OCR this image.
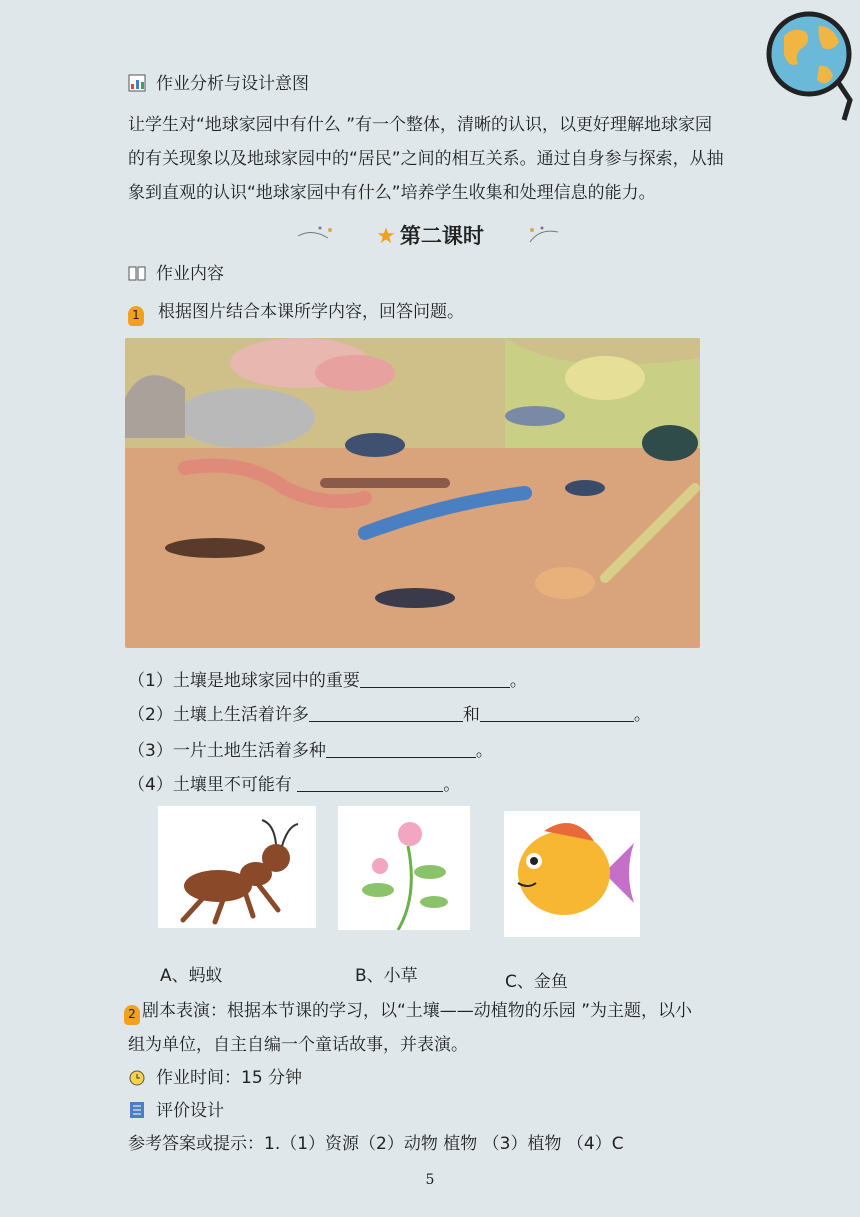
作业分析与设计意图
让学生对“地球家园中有什么 ”有一个整体，清晰的认识，以更好理解地球家园
的有关现象以及地球家园中的“居民”之间的相互关系。通过自身参与探索，从抽
象到直观的认识“地球家园中有什么”培养学生收集和处理信息的能力。
★ 第二课时
作业内容
1 根据图片结合本课所学内容，回答问题。
（1）土壤是地球家园中的重要	。
（2）土壤上生活着许多	和	。
（3）一片土地生活着多种	。
（4）土壤里不可能有	。
A、蚂蚁	B、小草	C、金鱼
2 剧本表演：根据本节课的学习，以“土壤——动植物的乐园 ”为主题，以小
组为单位，自主自编一个童话故事，并表演。
作业时间：15 分钟
评价设计
参考答案或提示：1.（1）资源（2）动物 植物 （3）植物 （4）C
5
